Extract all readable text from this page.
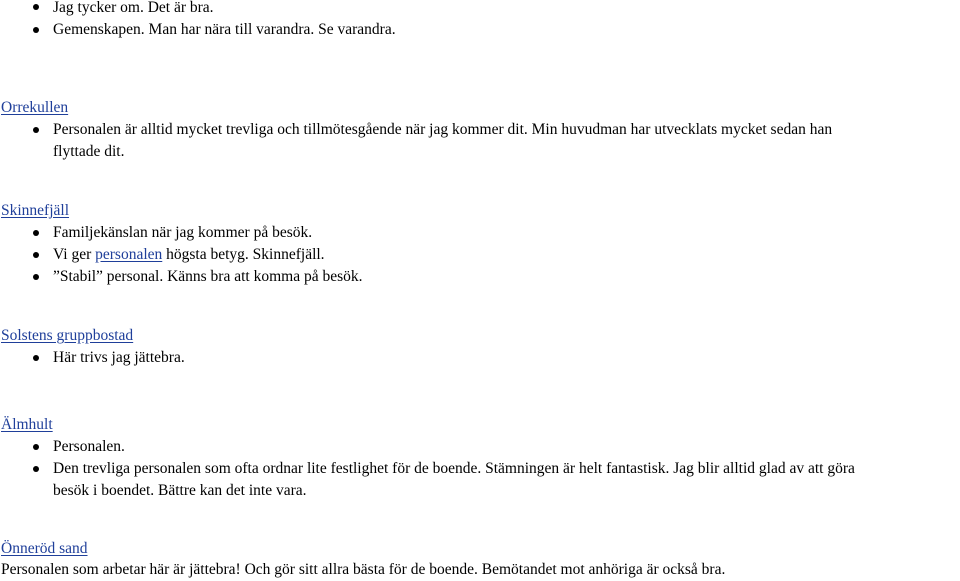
Jag tycker om. Det är bra.
Gemenskapen. Man har nära till varandra. Se varandra.
Orrekullen
Personalen är alltid mycket trevliga och tillmötesgående när jag kommer dit. Min huvudman har utvecklats mycket sedan han
flyttade dit.
Skinnefjäll
Familjekänslan när jag kommer på besök.
Vi ger personalen högsta betyg. Skinnefjäll.
”Stabil” personal. Känns bra att komma på besök.
Solstens gruppbostad
Här trivs jag jättebra.
Älmhult
Personalen.
Den trevliga personalen som ofta ordnar lite festlighet för de boende. Stämningen är helt fantastisk. Jag blir alltid glad av att göra
besök i boendet. Bättre kan det inte vara.
Önneröd sand
Personalen som arbetar här är jättebra! Och gör sitt allra bästa för de boende. Bemötandet mot anhöriga är också bra.
